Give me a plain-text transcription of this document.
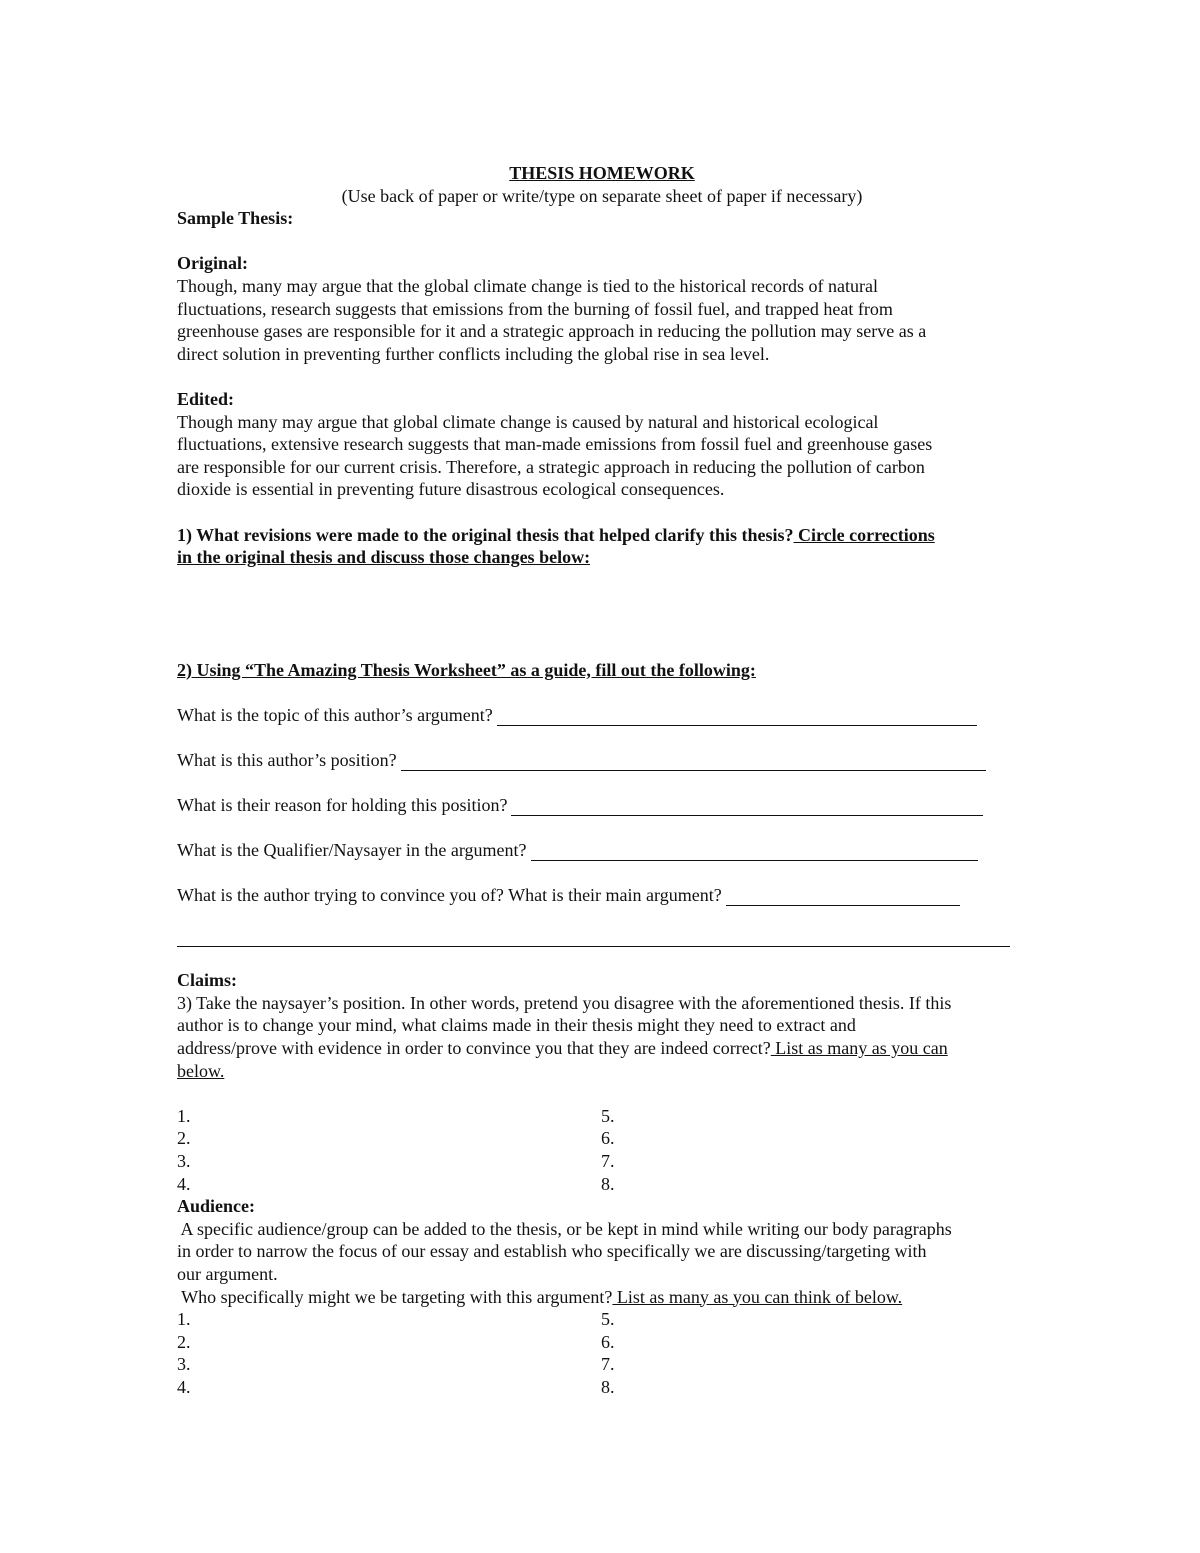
THESIS HOMEWORK
(Use back of paper or write/type on separate sheet of paper if necessary)
Sample Thesis:
Original:
Though, many may argue that the global climate change is tied to the historical records of natural
fluctuations, research suggests that emissions from the burning of fossil fuel, and trapped heat from
greenhouse gases are responsible for it and a strategic approach in reducing the pollution may serve as a
direct solution in preventing further conflicts including the global rise in sea level.
Edited:
Though many may argue that global climate change is caused by natural and historical ecological
fluctuations, extensive research suggests that man-made emissions from fossil fuel and greenhouse gases
are responsible for our current crisis. Therefore, a strategic approach in reducing the pollution of carbon
dioxide is essential in preventing future disastrous ecological consequences.
1) What revisions were made to the original thesis that helped clarify this thesis? Circle corrections
in the original thesis and discuss those changes below:
2) Using “The Amazing Thesis Worksheet” as a guide, fill out the following:
What is the topic of this author’s argument?
What is this author’s position?
What is their reason for holding this position?
What is the Qualifier/Naysayer in the argument?
What is the author trying to convince you of? What is their main argument?
Claims:
3) Take the naysayer’s position. In other words, pretend you disagree with the aforementioned thesis. If this
author is to change your mind, what claims made in their thesis might they need to extract and
address/prove with evidence in order to convince you that they are indeed correct? List as many as you can
below.
1.	5.
2.	6.
3.	7.
4.	8.
Audience:
A specific audience/group can be added to the thesis, or be kept in mind while writing our body paragraphs
in order to narrow the focus of our essay and establish who specifically we are discussing/targeting with
our argument.
Who specifically might we be targeting with this argument? List as many as you can think of below.
1.	5.
2.	6.
3.	7.
4.	8.
